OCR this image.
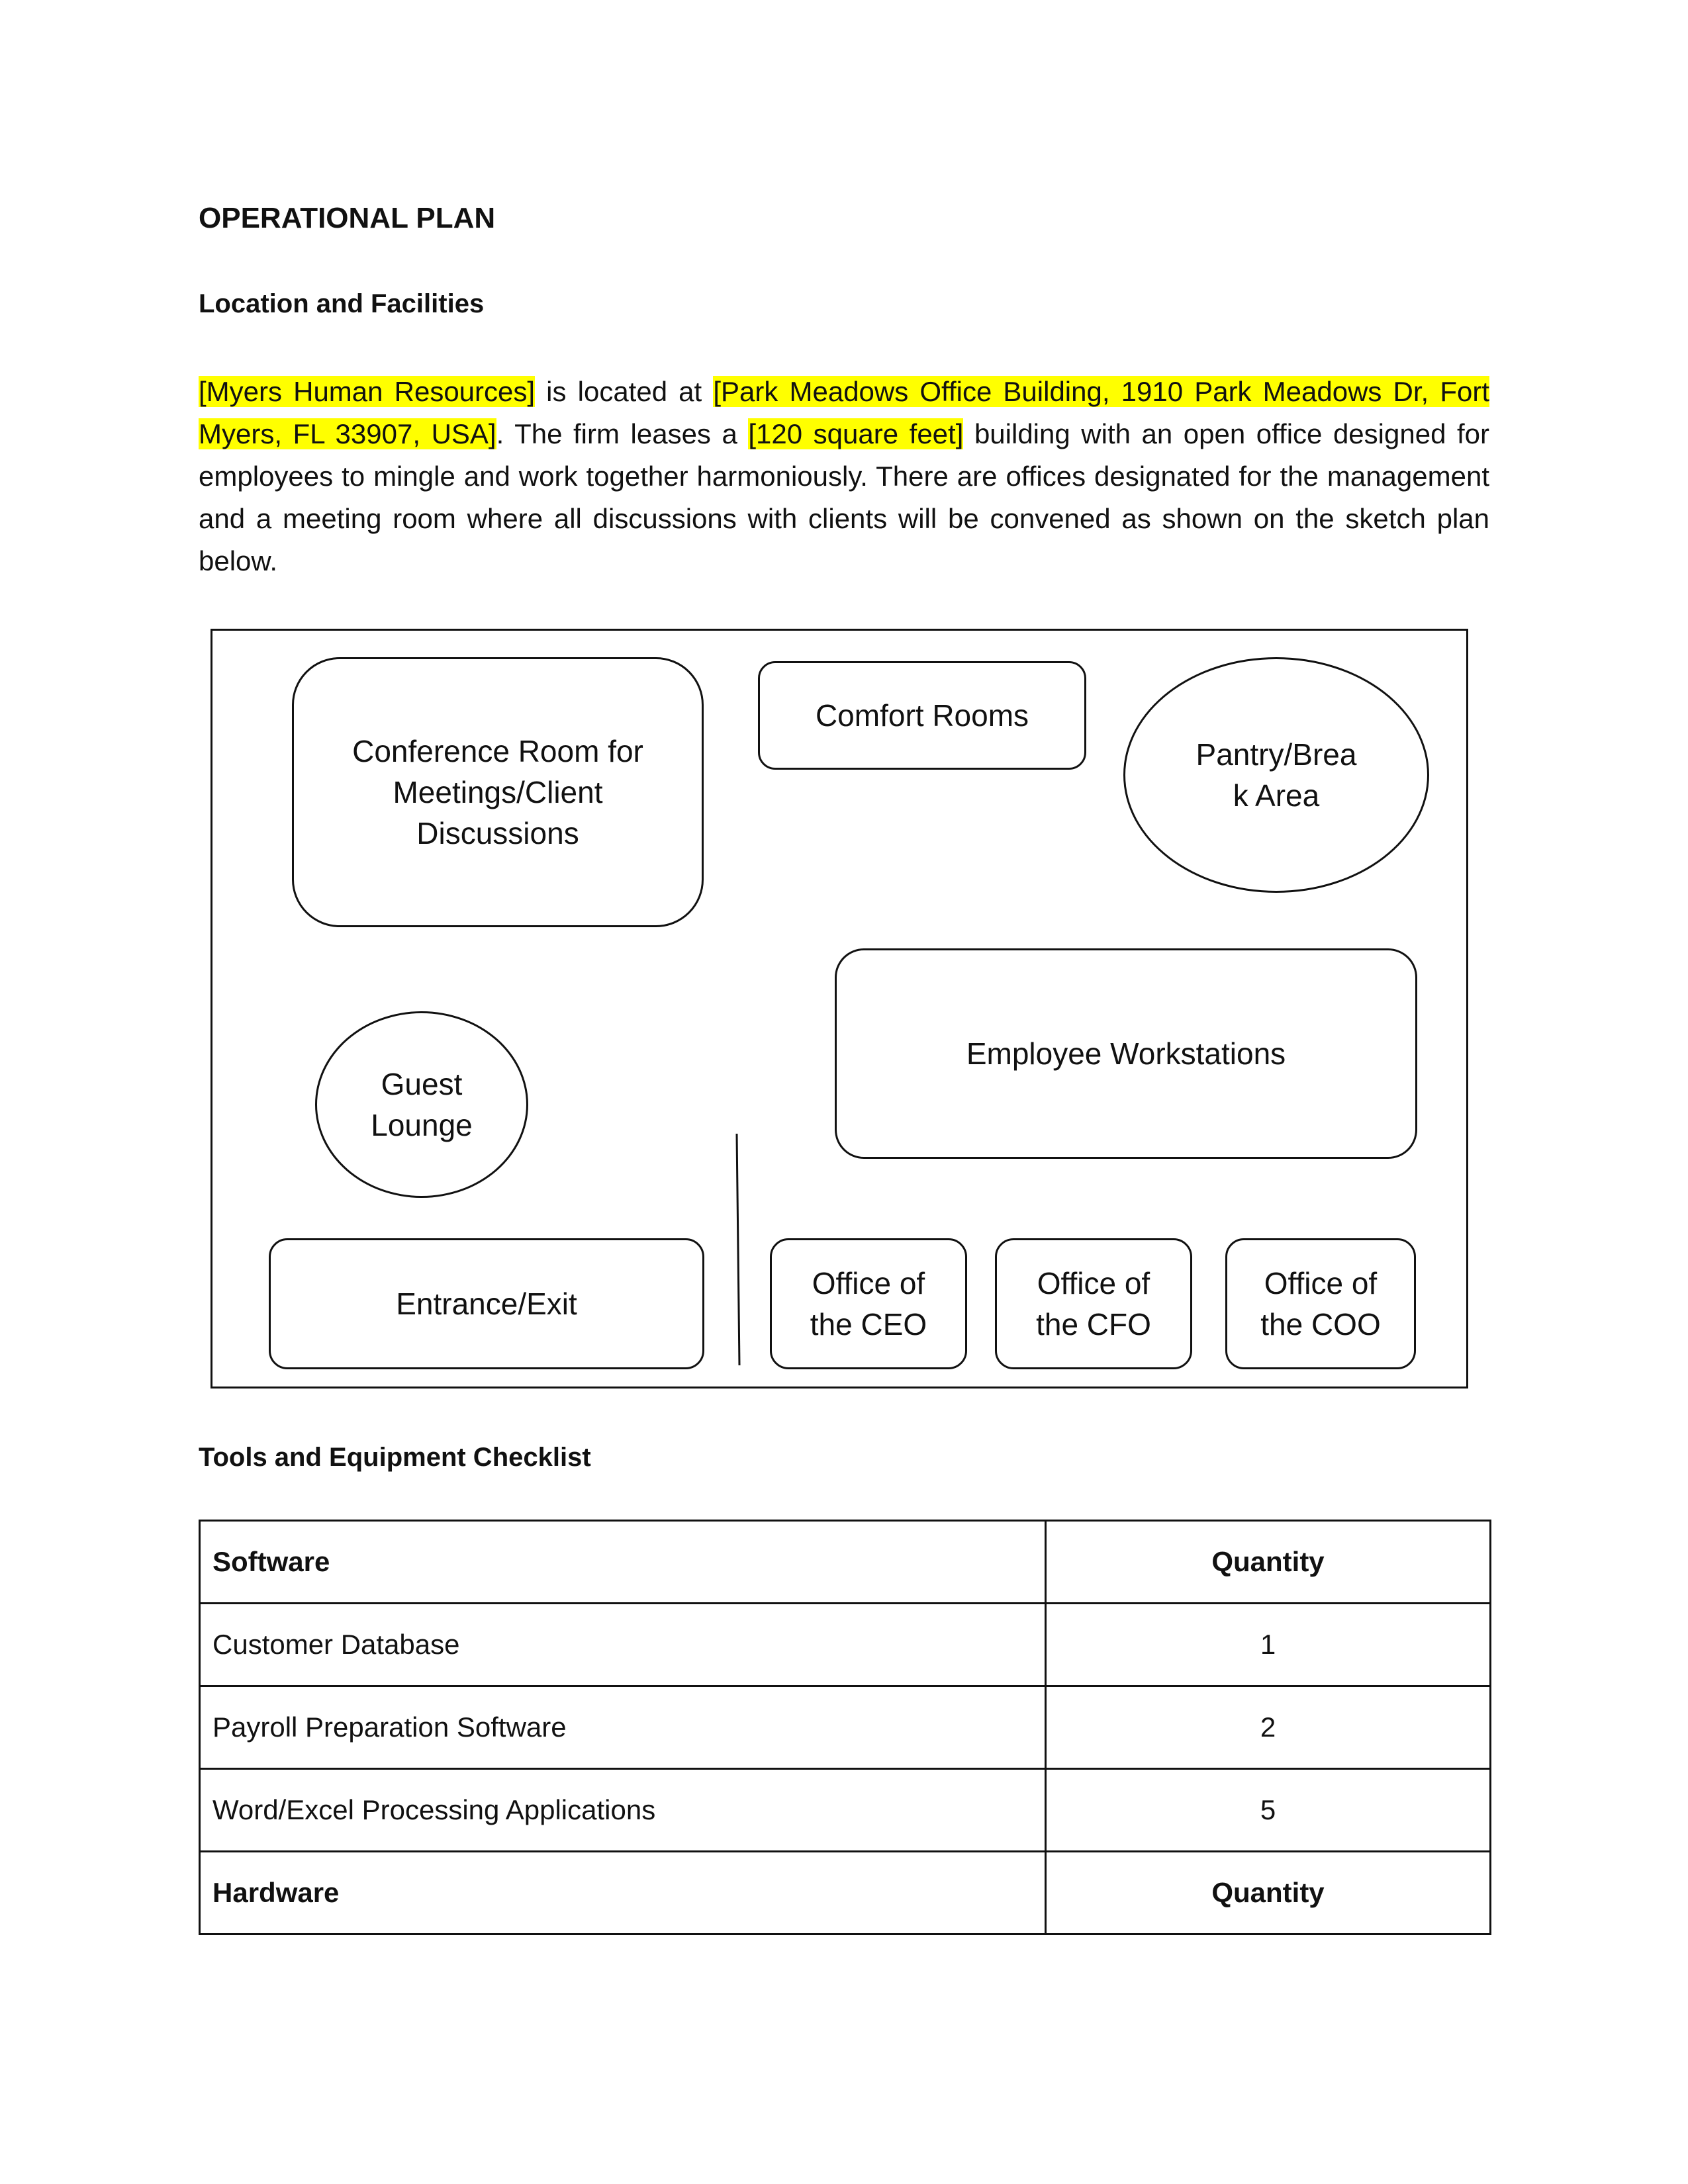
OPERATIONAL PLAN
Location and Facilities

[Myers Human Resources] is located at [Park Meadows Office Building, 1910 Park Meadows Dr, Fort Myers, FL 33907, USA]. The firm leases a [120 square feet] building with an open office designed for employees to mingle and work together harmoniously. There are offices designated for the management and a meeting room where all discussions with clients will be convened as shown on the sketch plan below.

Conference Room for
Meetings/Client
Discussions
Comfort Rooms
Pantry/Brea
k Area
Employee Workstations
Guest
Lounge
Entrance/Exit
Office of
the CEO
Office of
the CFO
Office of
the COO
Tools and Equipment Checklist
Software	Quantity
Customer Database	1
Payroll Preparation Software	2
Word/Excel Processing Applications	5
Hardware	Quantity
